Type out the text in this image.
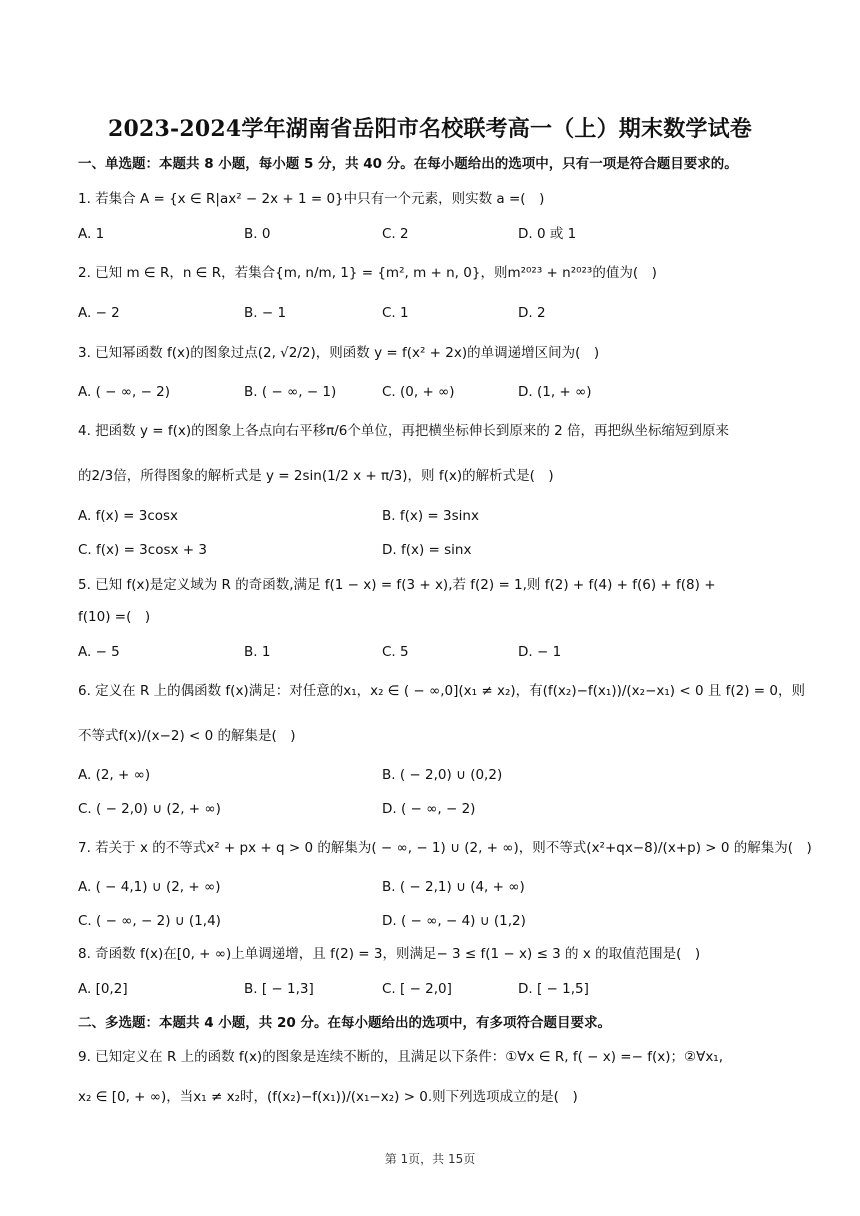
2023-2024学年湖南省岳阳市名校联考高一（上）期末数学试卷
一、单选题：本题共 8 小题，每小题 5 分，共 40 分。在每小题给出的选项中，只有一项是符合题目要求的。
1. 若集合 A = {x ∈ R|ax² − 2x + 1 = 0}中只有一个元素，则实数 a =(　)
A. 1	B. 0	C. 2	D. 0 或 1
2. 已知 m ∈ R，n ∈ R，若集合{m, n/m, 1} = {m², m + n, 0}，则m²⁰²³ + n²⁰²³的值为(　)
A. − 2	B. − 1	C. 1	D. 2
3. 已知幂函数 f(x)的图象过点(2, √2/2)，则函数 y = f(x² + 2x)的单调递增区间为(　)
A. ( − ∞, − 2)	B. ( − ∞, − 1)	C. (0, + ∞)	D. (1, + ∞)
4. 把函数 y = f(x)的图象上各点向右平移π/6个单位，再把横坐标伸长到原来的 2 倍，再把纵坐标缩短到原来
的2/3倍，所得图象的解析式是 y = 2sin(1/2 x + π/3)，则 f(x)的解析式是(　)
A. f(x) = 3cosx	B. f(x) = 3sinx
C. f(x) = 3cosx + 3	D. f(x) = sinx
5. 已知 f(x)是定义域为 R 的奇函数,满足 f(1 − x) = f(3 + x),若 f(2) = 1,则 f(2) + f(4) + f(6) + f(8) +
f(10) =(　)
A. − 5	B. 1	C. 5	D. − 1
6. 定义在 R 上的偶函数 f(x)满足：对任意的x₁，x₂ ∈ ( − ∞,0](x₁ ≠ x₂)，有(f(x₂)−f(x₁))/(x₂−x₁) < 0 且 f(2) = 0，则
不等式f(x)/(x−2) < 0 的解集是(　)
A. (2, + ∞)	B. ( − 2,0) ∪ (0,2)
C. ( − 2,0) ∪ (2, + ∞)	D. ( − ∞, − 2)
7. 若关于 x 的不等式x² + px + q > 0 的解集为( − ∞, − 1) ∪ (2, + ∞)，则不等式(x²+qx−8)/(x+p) > 0 的解集为(　)
A. ( − 4,1) ∪ (2, + ∞)	B. ( − 2,1) ∪ (4, + ∞)
C. ( − ∞, − 2) ∪ (1,4)	D. ( − ∞, − 4) ∪ (1,2)
8. 奇函数 f(x)在[0, + ∞)上单调递增，且 f(2) = 3，则满足− 3 ≤ f(1 − x) ≤ 3 的 x 的取值范围是(　)
A. [0,2]	B. [ − 1,3]	C. [ − 2,0]	D. [ − 1,5]
二、多选题：本题共 4 小题，共 20 分。在每小题给出的选项中，有多项符合题目要求。
9. 已知定义在 R 上的函数 f(x)的图象是连续不断的，且满足以下条件：①∀x ∈ R, f( − x) =− f(x)；②∀x₁,
x₂ ∈ [0, + ∞)，当x₁ ≠ x₂时，(f(x₂)−f(x₁))/(x₁−x₂) > 0.则下列选项成立的是(　)
第 1页，共 15页
